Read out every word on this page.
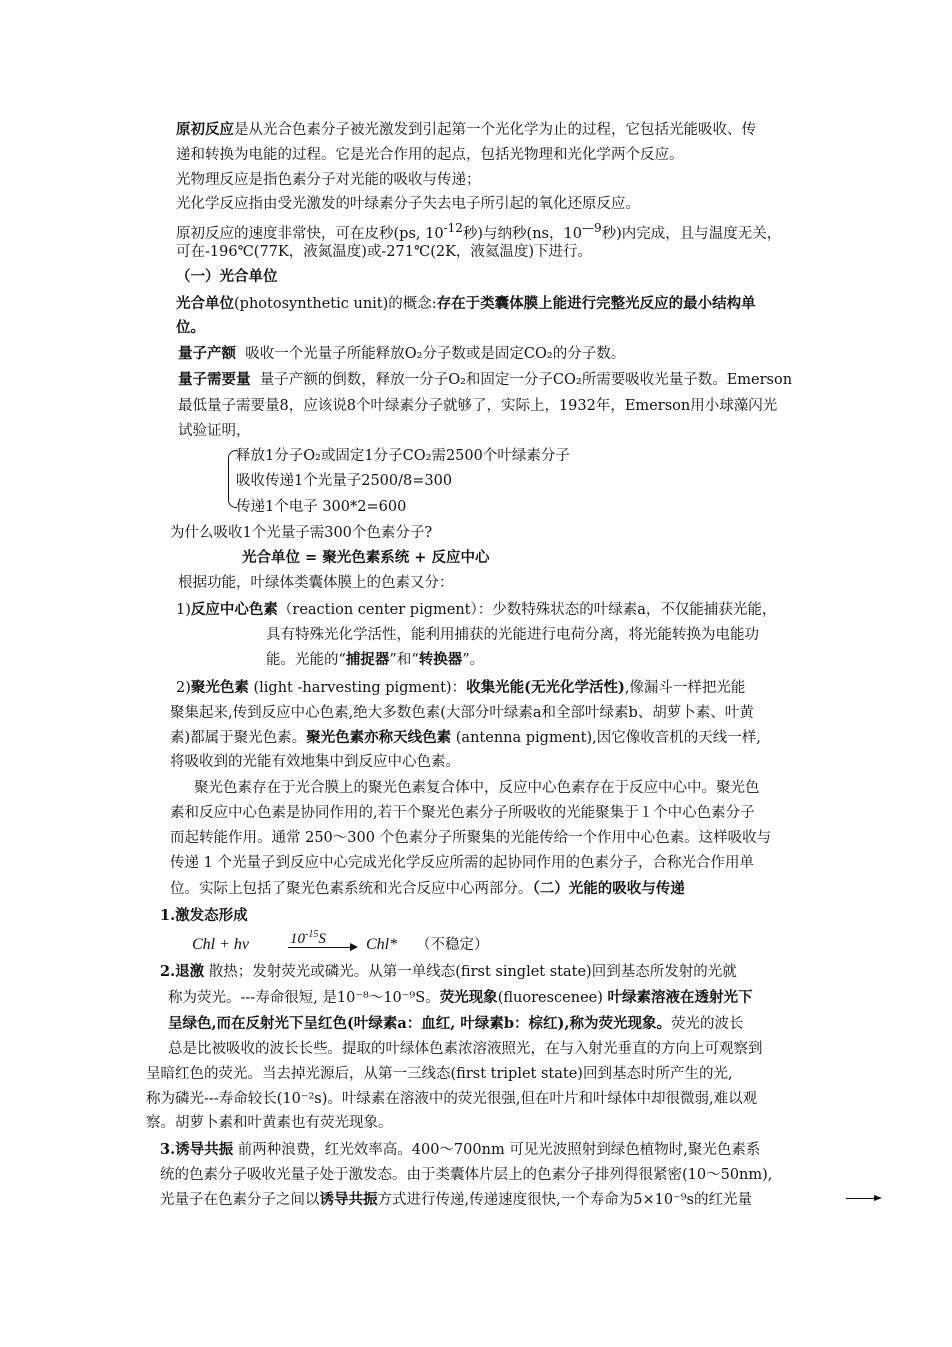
原初反应是从光合色素分子被光激发到引起第一个光化学为止的过程，它包括光能吸收、传
递和转换为电能的过程。它是光合作用的起点，包括光物理和光化学两个反应。
光物理反应是指色素分子对光能的吸收与传递；
光化学反应指由受光激发的叶绿素分子失去电子所引起的氧化还原反应。
原初反应的速度非常快，可在皮秒(ps, $10^{-12}$秒)与纳秒(ns，$10^{—9}$秒)内完成，且与温度无关，
可在-196℃(77K，液氮温度)或-271℃(2K，液氦温度)下进行。
（一）光合单位
光合单位(photosynthetic unit)的概念:存在于类囊体膜上能进行完整光反应的最小结构单
位。
量子产额 吸收一个光量子所能释放O₂分子数或是固定CO₂的分子数。
量子需要量 量子产额的倒数，释放一分子O₂和固定一分子CO₂所需要吸收光量子数。Emerson
最低量子需要量8，应该说8个叶绿素分子就够了，实际上，1932年，Emerson用小球藻闪光
试验证明，
释放1分子O₂或固定1分子CO₂需2500个叶绿素分子
吸收传递1个光量子2500/8=300
传递1个电子 300*2=600
为什么吸收1个光量子需300个色素分子?
光合单位 = 聚光色素系统 + 反应中心
根据功能，叶绿体类囊体膜上的色素又分：
1)反应中心色素（reaction center pigment）：少数特殊状态的叶绿素a，不仅能捕获光能，
具有特殊光化学活性，能利用捕获的光能进行电荷分离，将光能转换为电能功
能。光能的“捕捉器”和“转换器”。
2)聚光色素 (light -harvesting pigment)：收集光能(无光化学活性),像漏斗一样把光能
聚集起来,传到反应中心色素,绝大多数色素(大部分叶绿素a和全部叶绿素b、胡萝卜素、叶黄
素)都属于聚光色素。聚光色素亦称天线色素 (antenna pigment),因它像收音机的天线一样,
将吸收到的光能有效地集中到反应中心色素。
聚光色素存在于光合膜上的聚光色素复合体中，反应中心色素存在于反应中心中。聚光色
素和反应中心色素是协同作用的,若干个聚光色素分子所吸收的光能聚集于１个中心色素分子
而起转能作用。通常 250～300 个色素分子所聚集的光能传给一个作用中心色素。这样吸收与
传递 1 个光量子到反应中心完成光化学反应所需的起协同作用的色素分子，合称光合作用单
位。实际上包括了聚光色素系统和光合反应中心两部分。（二）光能的吸收与传递
1.激发态形成
Chl + hν	$10^{-15}S$	Chl* （不稳定）
2.退激 散热；发射荧光或磷光。从第一单线态(first singlet state)回到基态所发射的光就
称为荧光。---寿命很短, 是10⁻⁸～10⁻⁹S。荧光现象(fluorescenee) 叶绿素溶液在透射光下
呈绿色,而在反射光下呈红色(叶绿素a：血红, 叶绿素b：棕红),称为荧光现象。荧光的波长
总是比被吸收的波长长些。提取的叶绿体色素浓溶液照光，在与入射光垂直的方向上可观察到
呈暗红色的荧光。当去掉光源后，从第一三线态(first triplet state)回到基态时所产生的光,
称为磷光---寿命较长(10⁻²s)。叶绿素在溶液中的荧光很强,但在叶片和叶绿体中却很微弱,难以观
察。胡萝卜素和叶黄素也有荧光现象。
3.诱导共振 前两种浪费，红光效率高。400～700nm 可见光波照射到绿色植物时,聚光色素系
统的色素分子吸收光量子处于激发态。由于类囊体片层上的色素分子排列得很紧密(10～50nm),
光量子在色素分子之间以诱导共振方式进行传递,传递速度很快,一个寿命为5×10⁻⁹s的红光量
